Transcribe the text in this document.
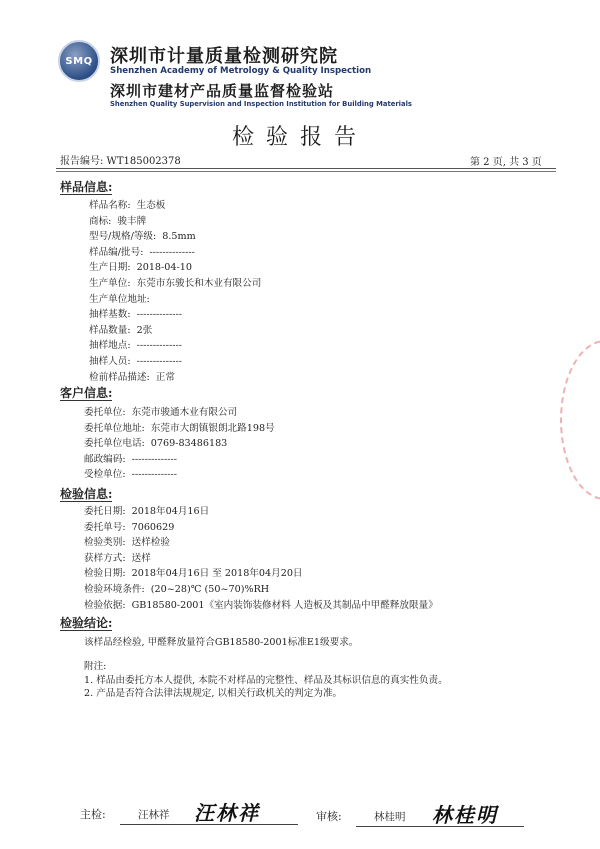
SMQ 深圳市计量质量检测研究院
Shenzhen Academy of Metrology & Quality Inspection
深圳市建材产品质量监督检验站
Shenzhen Quality Supervision and Inspection Institution for Building Materials
检验报告
报告编号: WT185002378	第 2 页, 共 3 页
样品信息:
样品名称: 生态板
商标: 骏丰牌
型号/规格/等级: 8.5mm
样品编/批号: --------------
生产日期: 2018-04-10
生产单位: 东莞市东骏长和木业有限公司
生产单位地址:
抽样基数: --------------
样品数量: 2张
抽样地点: --------------
抽样人员: --------------
检前样品描述: 正常
客户信息:
委托单位: 东莞市骏通木业有限公司
委托单位地址: 东莞市大朗镇银朗北路198号
委托单位电话: 0769-83486183
邮政编码: --------------
受检单位: --------------
检验信息:
委托日期: 2018年04月16日
委托单号: 7060629
检验类别: 送样检验
获样方式: 送样
检验日期: 2018年04月16日 至 2018年04月20日
检验环境条件: (20~28)℃ (50~70)%RH
检验依据: GB18580-2001《室内装饰装修材料 人造板及其制品中甲醛释放限量》
检验结论:
该样品经检验, 甲醛释放量符合GB18580-2001标准E1级要求。
附注:
1. 样品由委托方本人提供, 本院不对样品的完整性、样品及其标识信息的真实性负责。
2. 产品是否符合法律法规规定, 以相关行政机关的判定为准。
主检:	汪林祥 汪林祥	审核:	林桂明 林桂明
